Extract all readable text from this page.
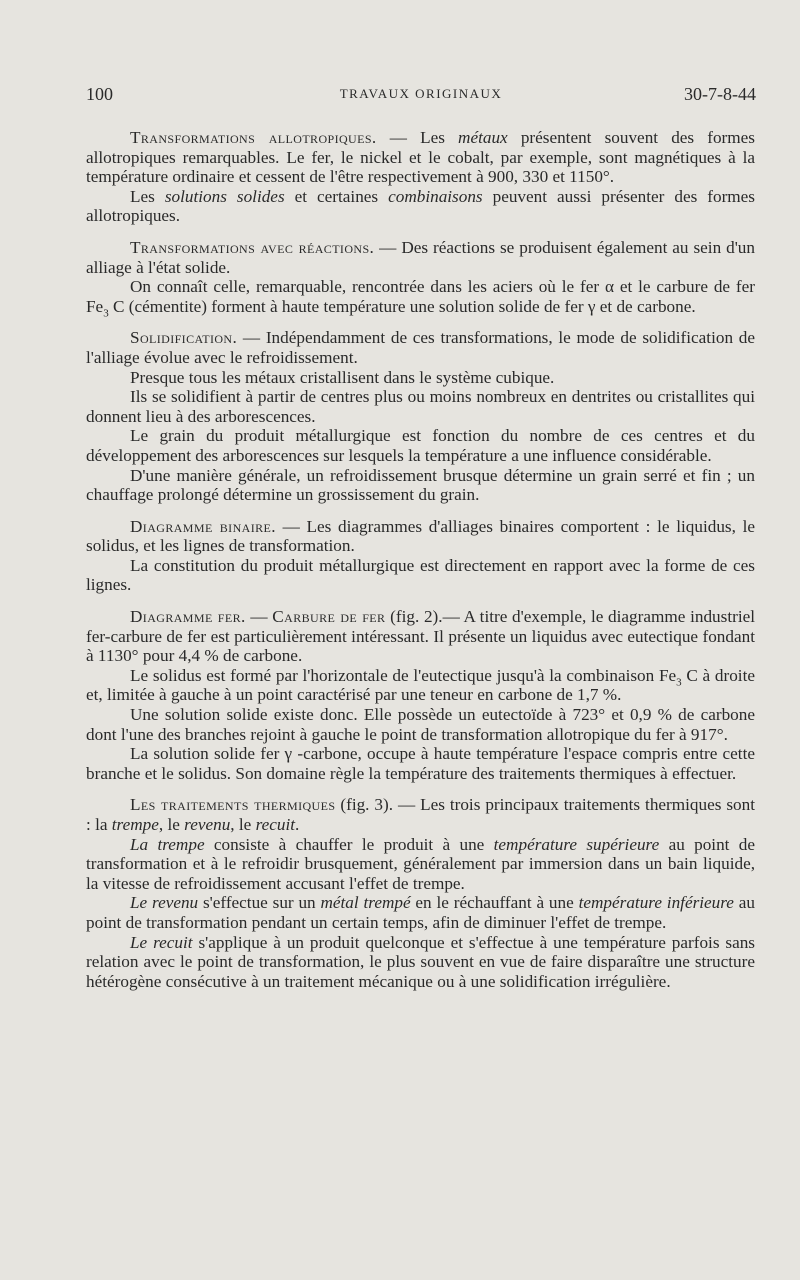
100	TRAVAUX ORIGINAUX	30-7-8-44

Transformations allotropiques. — Les métaux présentent souvent des formes allotropiques remarquables. Le fer, le nickel et le cobalt, par exemple, sont magnétiques à la température ordinaire et cessent de l'être respectivement à 900, 330 et 1150°.

Les solutions solides et certaines combinaisons peuvent aussi présenter des formes allotropiques.

Transformations avec réactions. — Des réactions se produisent également au sein d'un alliage à l'état solide.

On connaît celle, remarquable, rencontrée dans les aciers où le fer α et le carbure de fer $Fe_3$ C (cémentite) forment à haute température une solution solide de fer γ et de carbone.

Solidification. — Indépendamment de ces transformations, le mode de solidification de l'alliage évolue avec le refroidissement.

Presque tous les métaux cristallisent dans le système cubique.

Ils se solidifient à partir de centres plus ou moins nombreux en dentrites ou cristallites qui donnent lieu à des arborescences.

Le grain du produit métallurgique est fonction du nombre de ces centres et du développement des arborescences sur lesquels la température a une influence considérable.

D'une manière générale, un refroidissement brusque détermine un grain serré et fin ; un chauffage prolongé détermine un grossissement du grain.

Diagramme binaire. — Les diagrammes d'alliages binaires comportent : le liquidus, le solidus, et les lignes de transformation.

La constitution du produit métallurgique est directement en rapport avec la forme de ces lignes.

Diagramme fer. — Carbure de fer (fig. 2).— A titre d'exemple, le diagramme industriel fer-carbure de fer est particulièrement intéressant. Il présente un liquidus avec eutectique fondant à 1130° pour 4,4 % de carbone.

Le solidus est formé par l'horizontale de l'eutectique jusqu'à la combinaison $Fe_3$ C à droite et, limitée à gauche à un point caractérisé par une teneur en carbone de 1,7 %.

Une solution solide existe donc. Elle possède un eutectoïde à 723° et 0,9 % de carbone dont l'une des branches rejoint à gauche le point de transformation allotropique du fer à 917°.

La solution solide fer γ -carbone, occupe à haute température l'espace compris entre cette branche et le solidus. Son domaine règle la température des traitements thermiques à effectuer.

Les traitements thermiques (fig. 3). — Les trois principaux traitements thermiques sont : la trempe, le revenu, le recuit.

La trempe consiste à chauffer le produit à une température supérieure au point de transformation et à le refroidir brusquement, généralement par immersion dans un bain liquide, la vitesse de refroidissement accusant l'effet de trempe.

Le revenu s'effectue sur un métal trempé en le réchauffant à une température inférieure au point de transformation pendant un certain temps, afin de diminuer l'effet de trempe.

Le recuit s'applique à un produit quelconque et s'effectue à une température parfois sans relation avec le point de transformation, le plus souvent en vue de faire disparaître une structure hétérogène consécutive à un traitement mécanique ou à une solidification irrégulière.
